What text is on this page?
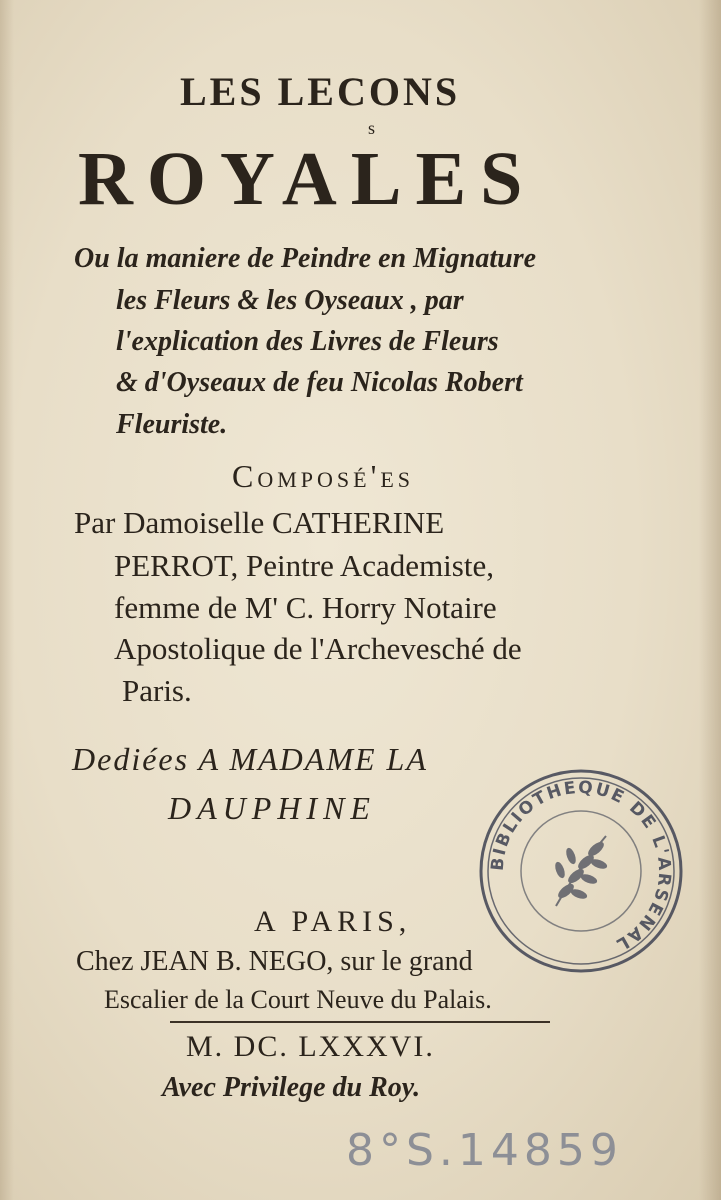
LES LECONS
s
ROYALES
Ou la maniere de Peindre en Mignature
les Fleurs & les Oyseaux , par
l'explication des Livres de Fleurs
& d'Oyseaux de feu Nicolas Robert
Fleuriste.
Composé'es
Par Damoiselle CATHERINE
PERROT, Peintre Academiste,
femme de M' C. Horry Notaire
Apostolique de l'Archevesché de
Paris.
Dediées A MADAME LA
DAUPHINE
BIBLIOTHEQUE DE L'ARSENAL
A PARIS,
Chez JEAN B. NEGO, sur le grand
Escalier de la Court Neuve du Palais.
M. DC. LXXXVI.
Avec Privilege du Roy.
8°S.14859
